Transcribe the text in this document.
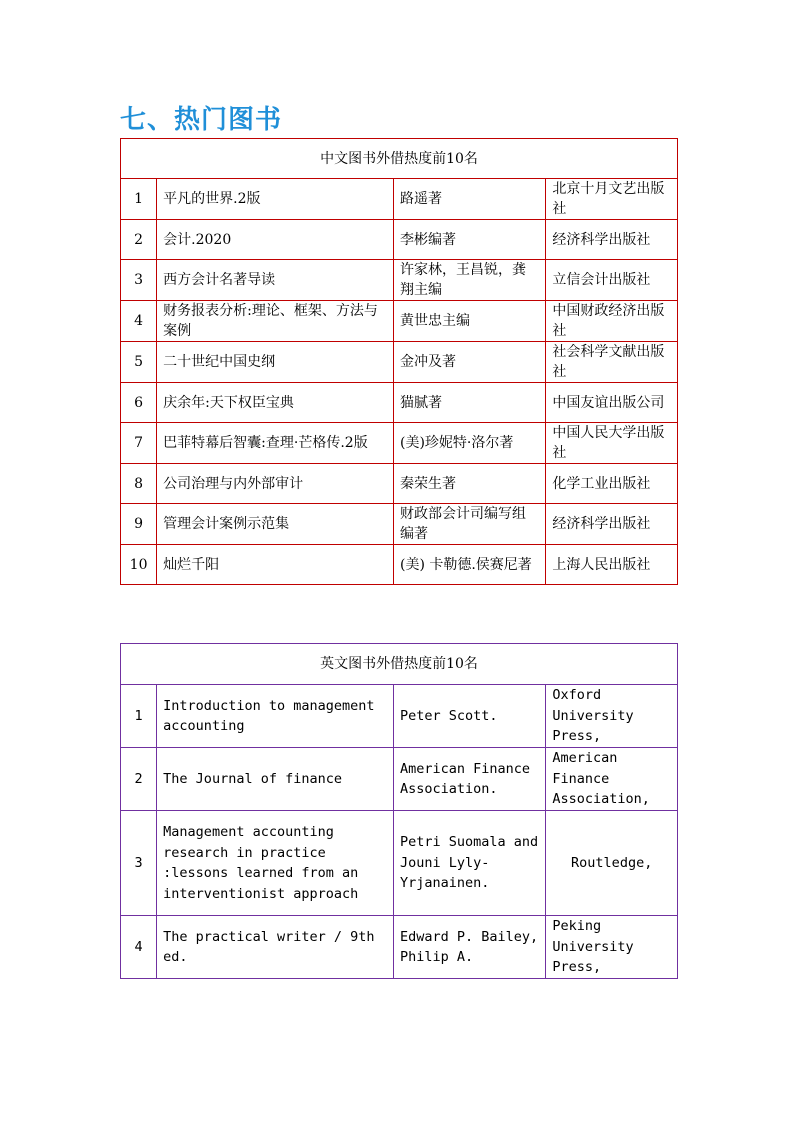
七、热门图书
中文图书外借热度前10名			
1	平凡的世界.2版	路遥著	北京十月文艺出版社
2	会计.2020	李彬编著	经济科学出版社
3	西方会计名著导读	许家林，王昌锐，龚翔主编	立信会计出版社
4	财务报表分析:理论、框架、方法与案例	黄世忠主编	中国财政经济出版社
5	二十世纪中国史纲	金冲及著	社会科学文献出版社
6	庆余年:天下权臣宝典	猫腻著	中国友谊出版公司
7	巴菲特幕后智囊:查理·芒格传.2版	(美)珍妮特·洛尔著	中国人民大学出版社
8	公司治理与内外部审计	秦荣生著	化学工业出版社
9	管理会计案例示范集	财政部会计司编写组编著	经济科学出版社
10	灿烂千阳	(美) 卡勒德.侯赛尼著	上海人民出版社
英文图书外借热度前10名			
1	Introduction to management accounting	Peter Scott.	Oxford University Press,
2	The Journal of finance	American Finance Association.	American Finance Association,
3	Management accounting research in practice :lessons learned from an interventionist approach	Petri Suomala and Jouni Lyly-Yrjanainen.	Routledge,
4	The practical writer / 9th ed.	Edward P. Bailey, Philip A.	Peking University Press,
